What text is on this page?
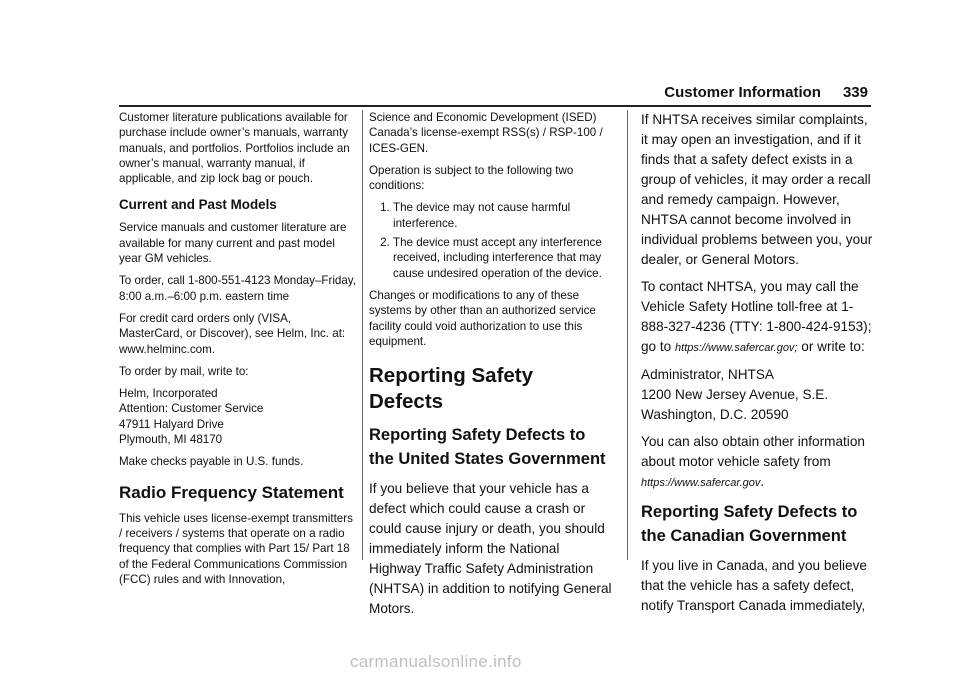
Customer Information 339

Customer literature publications available for purchase include owner’s manuals, warranty manuals, and portfolios. Portfolios include an owner’s manual, warranty manual, if applicable, and zip lock bag or pouch.

Current and Past Models

Service manuals and customer literature are available for many current and past model year GM vehicles.

To order, call 1-800-551-4123 Monday–Friday, 8:00 a.m.–6:00 p.m. eastern time

For credit card orders only (VISA, MasterCard, or Discover), see Helm, Inc. at: www.helminc.com.

To order by mail, write to:

Helm, Incorporated
Attention: Customer Service
47911 Halyard Drive
Plymouth, MI 48170

Make checks payable in U.S. funds.

Radio Frequency Statement

This vehicle uses license-exempt transmitters / receivers / systems that operate on a radio frequency that complies with Part 15/ Part 18 of the Federal Communications Commission (FCC) rules and with Innovation,

Science and Economic Development (ISED) Canada’s license-exempt RSS(s) / RSP-100 / ICES-GEN.

Operation is subject to the following two conditions:

1. The device may not cause harmful interference.
2. The device must accept any interference received, including interference that may cause undesired operation of the device.

Changes or modifications to any of these systems by other than an authorized service facility could void authorization to use this equipment.

Reporting Safety Defects
Reporting Safety Defects to the United States Government

If you believe that your vehicle has a defect which could cause a crash or could cause injury or death, you should immediately inform the National Highway Traffic Safety Administration (NHTSA) in addition to notifying General Motors.

If NHTSA receives similar complaints, it may open an investigation, and if it finds that a safety defect exists in a group of vehicles, it may order a recall and remedy campaign. However, NHTSA cannot become involved in individual problems between you, your dealer, or General Motors.

To contact NHTSA, you may call the Vehicle Safety Hotline toll-free at 1-888-327-4236 (TTY: 1-800-424-9153); go to https://www.safercar.gov; or write to:

Administrator, NHTSA
1200 New Jersey Avenue, S.E.
Washington, D.C. 20590

You can also obtain other information about motor vehicle safety from
https://www.safercar.gov.

Reporting Safety Defects to the Canadian Government

If you live in Canada, and you believe that the vehicle has a safety defect, notify Transport Canada immediately,

carmanualsonline.info
